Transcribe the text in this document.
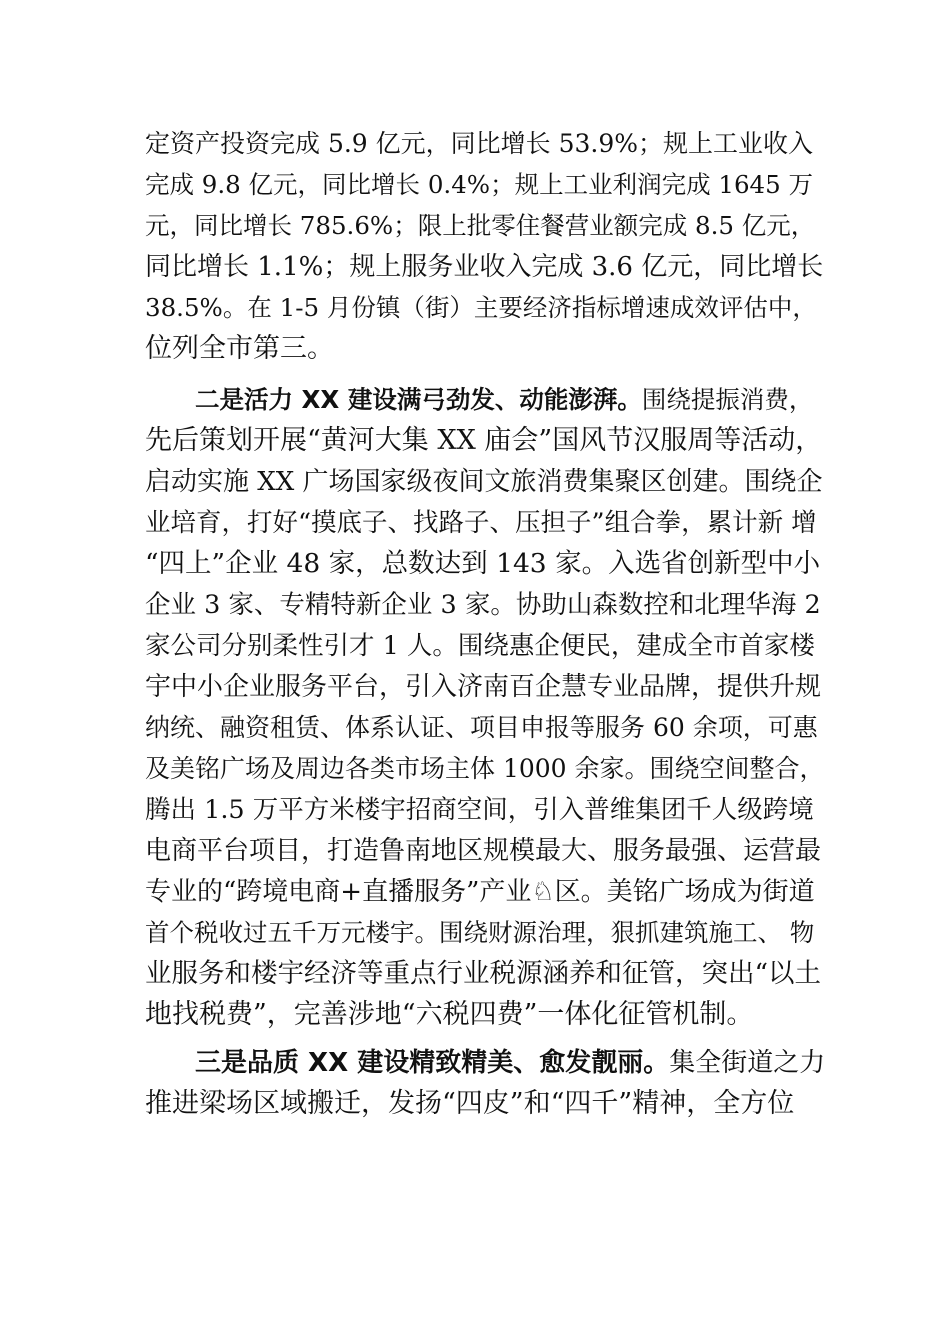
定资产投资完成 5.9 亿元，同比增长 53.9%；规上工业收入
完成 9.8 亿元，同比增长 0.4%；规上工业利润完成 1645 万
元，同比增长 785.6%；限上批零住餐营业额完成 8.5 亿元，
同比增长 1.1%；规上服务业收入完成 3.6 亿元，同比增长
38.5%。在 1-5 月份镇（街）主要经济指标增速成效评估中，
位列全市第三。
二是活力 XX 建设满弓劲发、动能澎湃。围绕提振消费，
先后策划开展“黄河大集 XX 庙会”国风节汉服周等活动，
启动实施 XX 广场国家级夜间文旅消费集聚区创建。围绕企
业培育，打好“摸底子、找路子、压担子”组合拳，累计新 增
“四上”企业 48 家，总数达到 143 家。入选省创新型中小
企业 3 家、专精特新企业 3 家。协助山森数控和北理华海 2
家公司分别柔性引才 1 人。围绕惠企便民，建成全市首家楼
宇中小企业服务平台，引入济南百企慧专业品牌，提供升规
纳统、融资租赁、体系认证、项目申报等服务 60 余项，可惠
及美铭广场及周边各类市场主体 1000 余家。围绕空间整合，
腾出 1.5 万平方米楼宇招商空间，引入普维集团千人级跨境
电商平台项目，打造鲁南地区规模最大、服务最强、运营最
专业的“跨境电商+直播服务”产业♘区。美铭广场成为街道
首个税收过五千万元楼宇。围绕财源治理，狠抓建筑施工、 物
业服务和楼宇经济等重点行业税源涵养和征管，突出“以土
地找税费”，完善涉地“六税四费”一体化征管机制。
三是品质 XX 建设精致精美、愈发靓丽。集全街道之力
推进梁场区域搬迁，发扬“四皮”和“四千”精神，全方位
